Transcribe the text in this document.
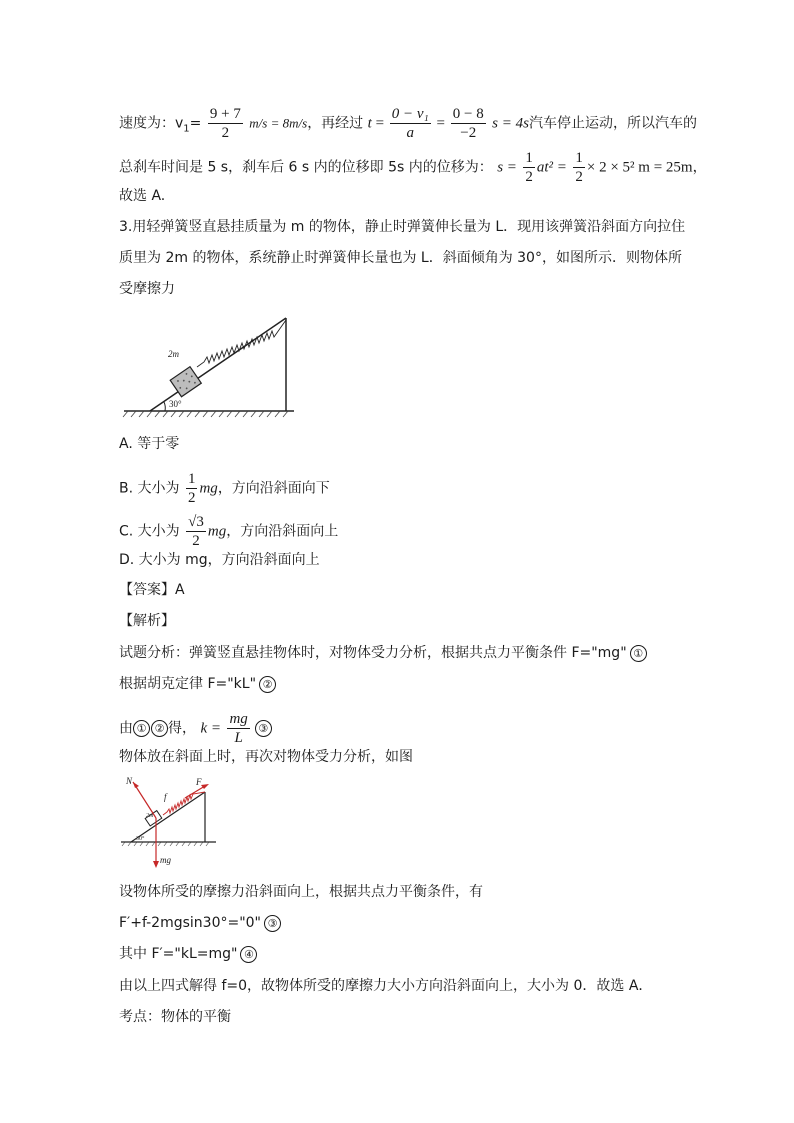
速度为：$v_1= \frac{9 + 7}{2} m/s = 8m/s$，再经过 $t = \frac{\text{0 − v₁}}{a} = \frac{0 - 8}{-2}$ s = 4s汽车停止运动，所以汽车的
总刹车时间是 5 s，刹车后 6 s 内的位移即 5s 内的位移为： $s = \frac{1}{2} at^2 = \frac{1}{2} \times 2 \times 5^2$ m = 25m，
故选 A.
3.用轻弹簧竖直悬挂质量为 m 的物体，静止时弹簧伸长量为 L．现用该弹簧沿斜面方向拉住
质里为 2m 的物体，系统静止时弹簧伸长量也为 L．斜面倾角为 30°，如图所示．则物体所
受摩擦力
30°
2m
A. 等于零
B. 大小为 $\frac{1}{2}$ mg，方向沿斜面向下
C. 大小为 $\frac{√3}{2}$ mg，方向沿斜面向上
D. 大小为 mg，方向沿斜面向上
【答案】A
【解析】
试题分析：弹簧竖直悬挂物体时，对物体受力分析，根据共点力平衡条件 F="mg" ①
根据胡克定律 F="kL" ②
由 ① ② 得， $k = \frac{mg}{L}$ ③
物体放在斜面上时，再次对物体受力分析，如图
30°
2m
N	F
f
mg
设物体所受的摩擦力沿斜面向上，根据共点力平衡条件，有
F′+f-2mgsin30°="0" ③
其中 F′="kL=mg" ④
由以上四式解得 f=0，故物体所受的摩擦力大小方向沿斜面向上，大小为 0．故选 A．
考点：物体的平衡
